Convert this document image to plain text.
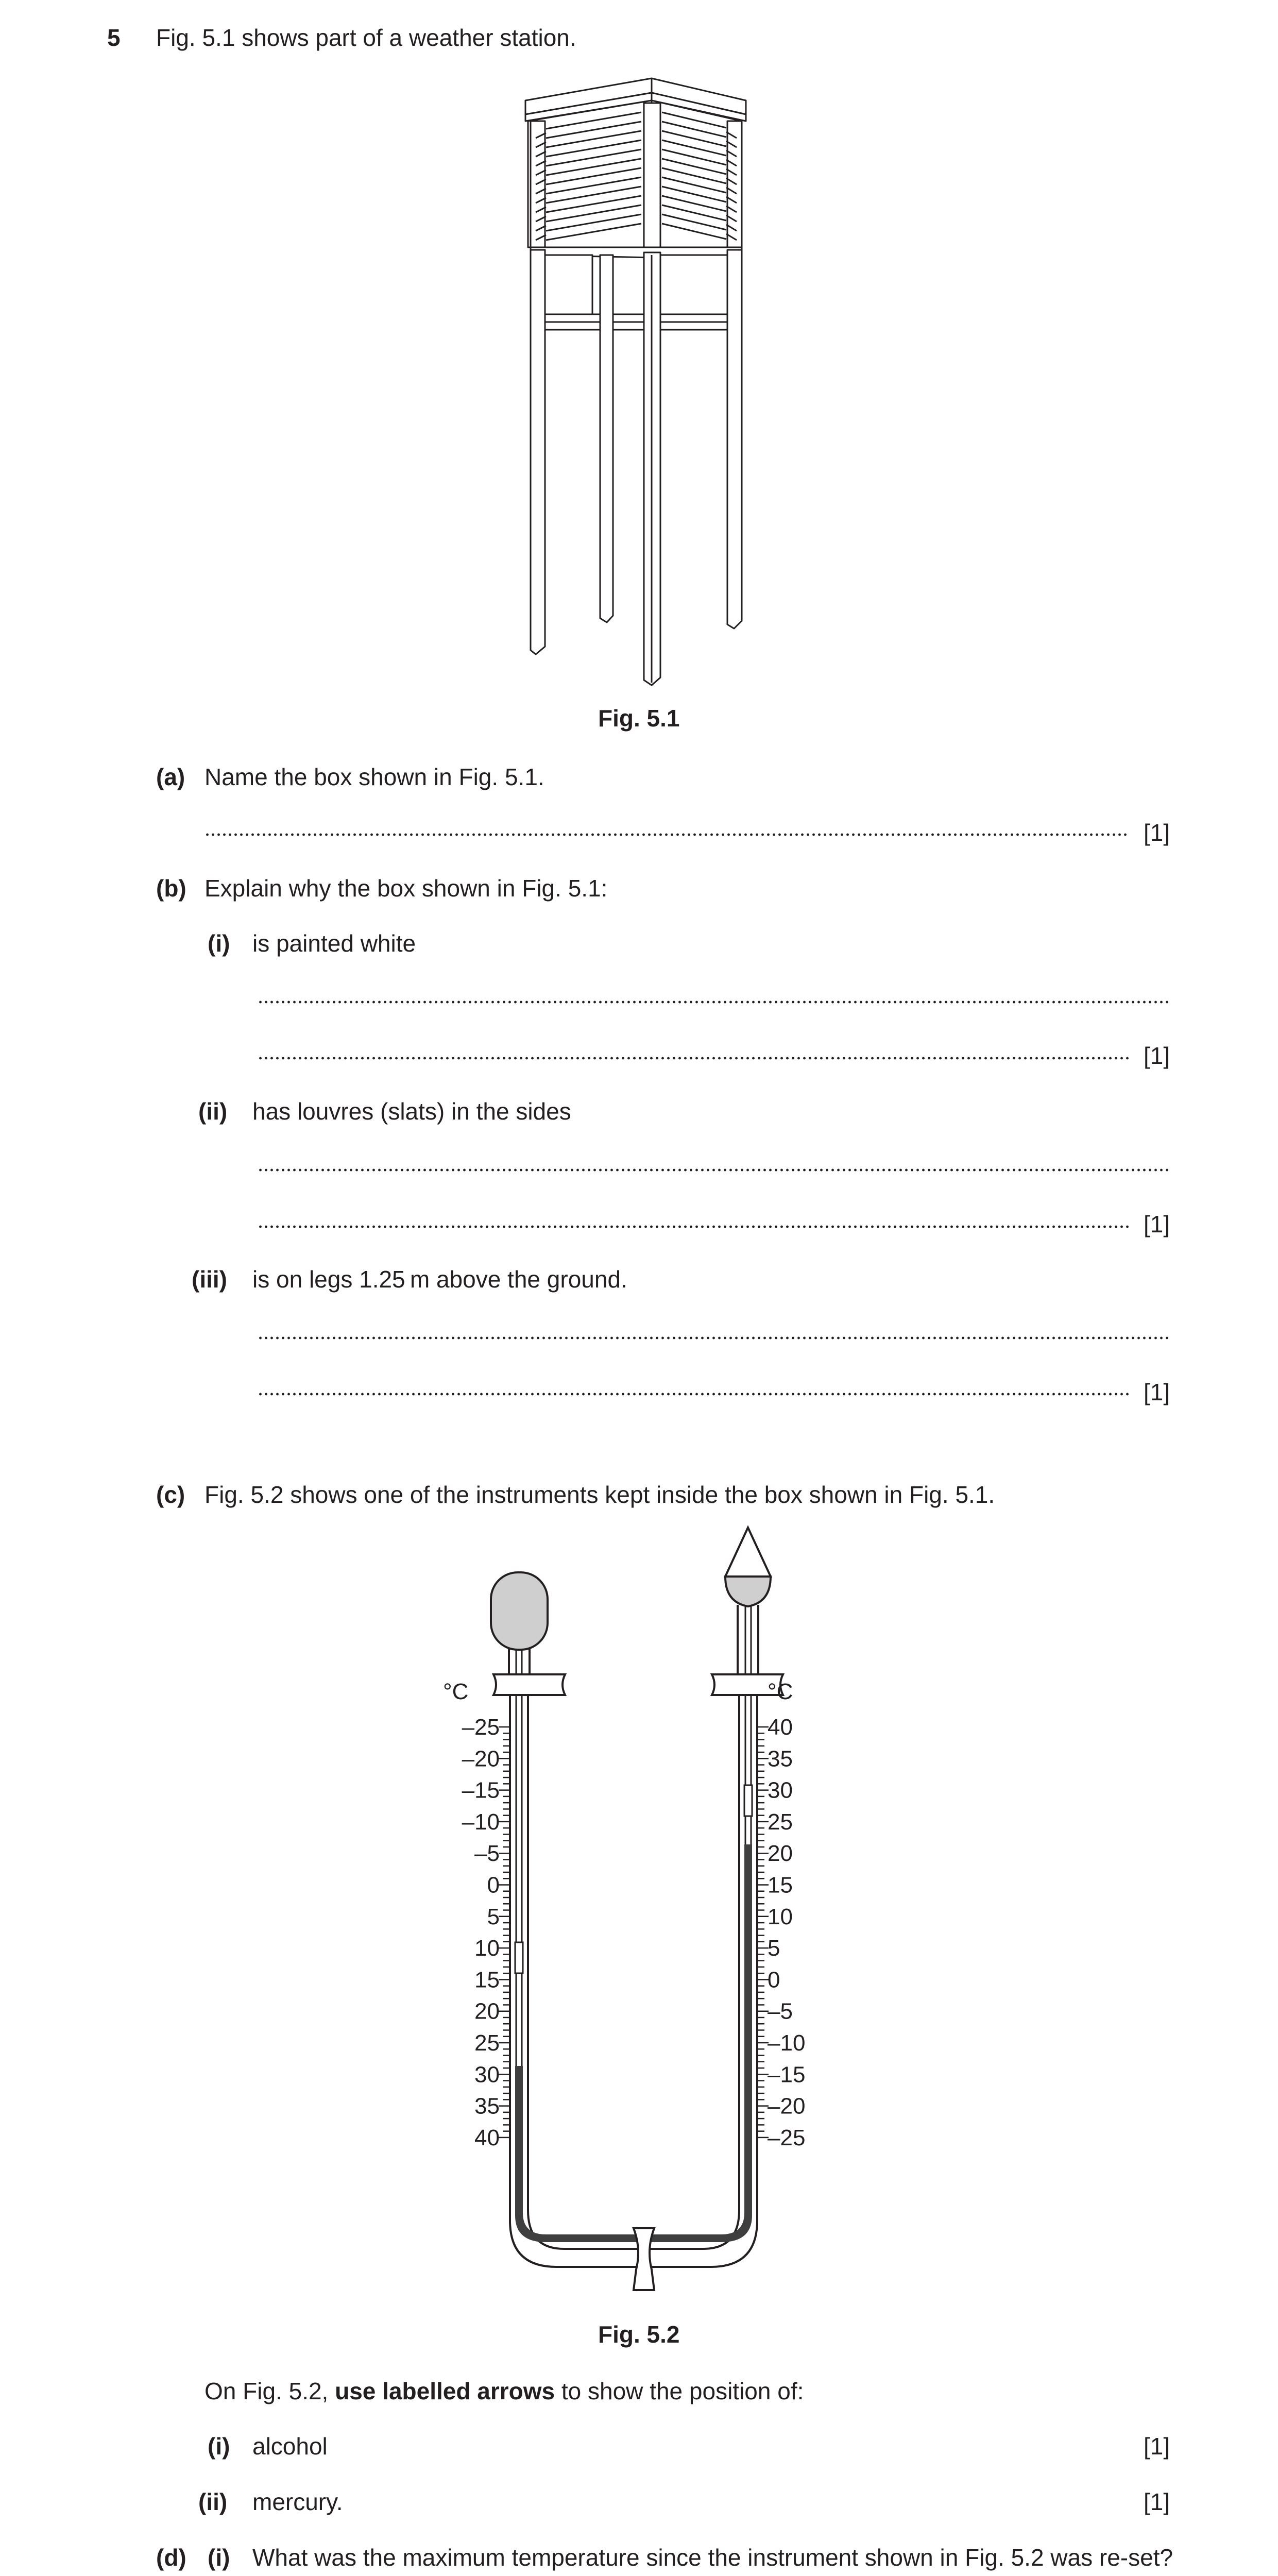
5 Fig. 5.1 shows part of a weather station.
Fig. 5.1
(a) Name the box shown in Fig. 5.1.
[1]
(b) Explain why the box shown in Fig. 5.1:
(i) is painted white
[1]
(ii) has louvres (slats) in the sides
[1]
(iii) is on legs 1.25 m above the ground.
[1]
(c) Fig. 5.2 shows one of the instruments kept inside the box shown in Fig. 5.1.
°C	°C
–25
–20
–15
–10
–5
0
5
10
15
20
25
30
35
40
40
35
30
25
20
15
10
5
0
–5
–10
–15
–20
–25
Fig. 5.2
On Fig. 5.2, use labelled arrows to show the position of:
(i) alcohol	[1]
(ii) mercury.	[1]
(d) (i) What was the maximum temperature since the instrument shown in Fig. 5.2 was re-set?
